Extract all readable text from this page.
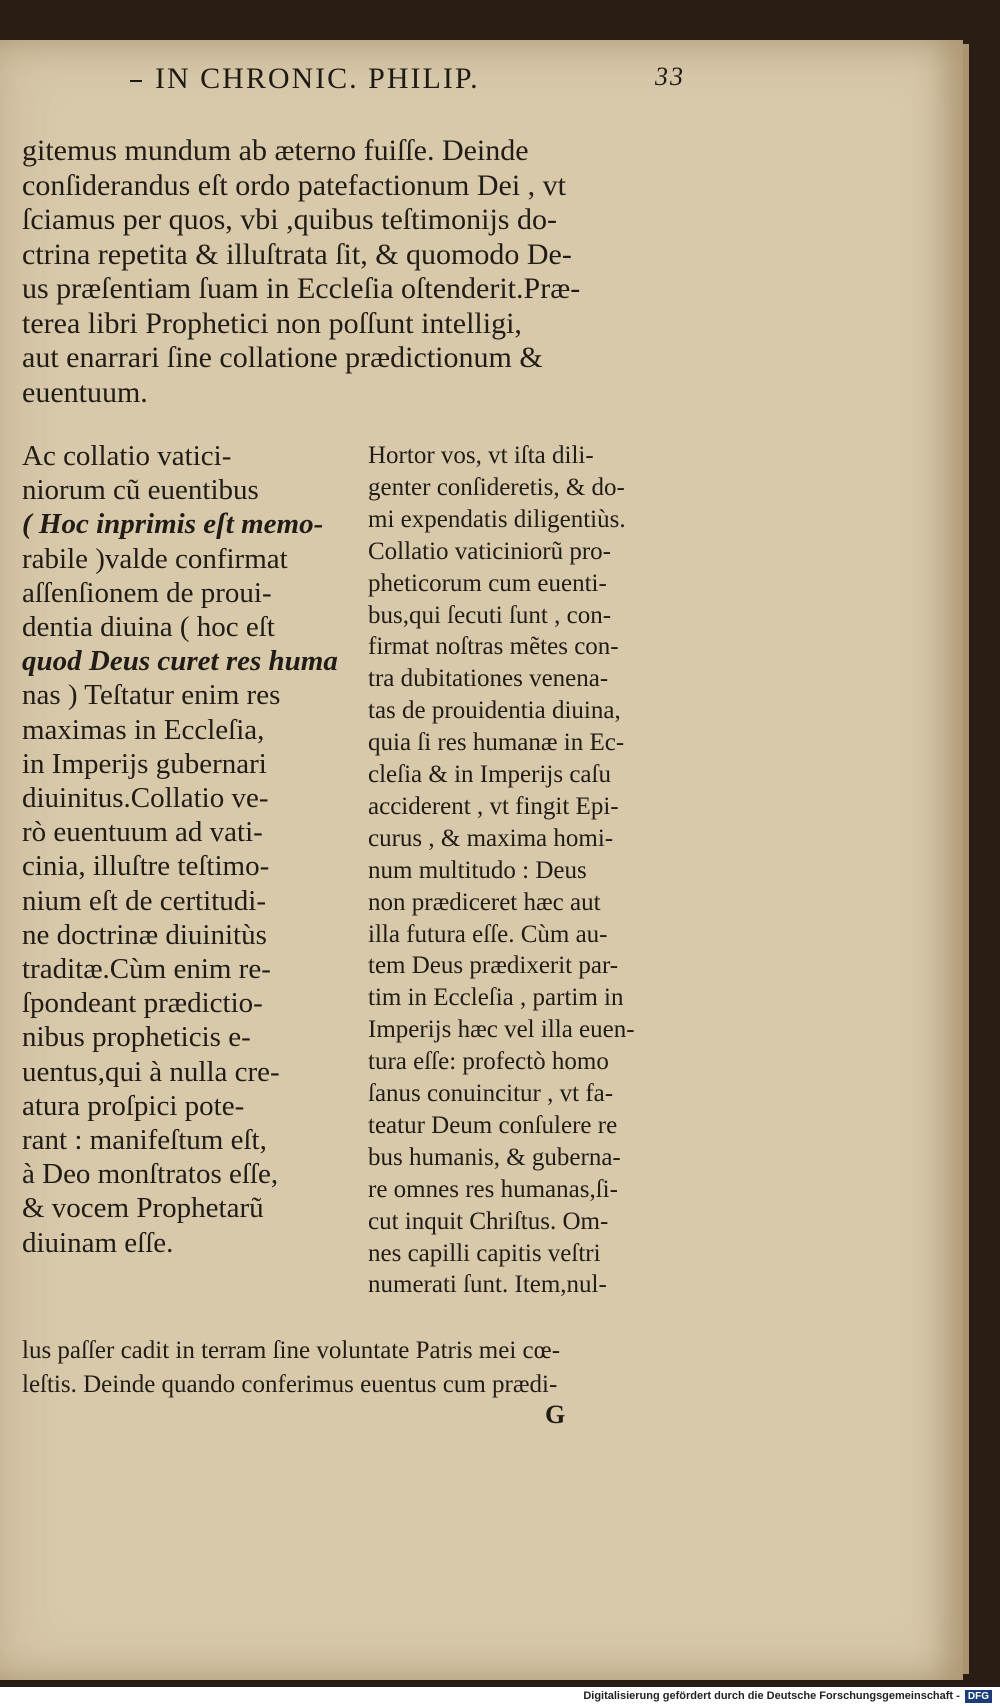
IN CHRONIC. PHILIP.	33
gitemus mundum ab æterno fuiſſe. Deinde
conſiderandus eſt ordo patefactionum Dei , vt
ſciamus per quos, vbi ,quibus teſtimonijs do-
ctrina repetita & illuſtrata ſit, & quomodo De-
us præſentiam ſuam in Eccleſia oſtenderit.Præ-
terea libri Prophetici non poſſunt intelligi,
aut enarrari ſine collatione prædictionum &
euentuum.
Ac collatio vatici-
niorum cũ euentibus
( Hoc inprimis eſt memo-
rabile )valde confirmat
aſſenſionem de proui-
dentia diuina ( hoc eſt
quod Deus curet res huma
nas ) Teſtatur enim res
maximas in Eccleſia,
in Imperijs gubernari
diuinitus.Collatio ve-
rò euentuum ad vati-
cinia, illuſtre teſtimo-
nium eſt de certitudi-
ne doctrinæ diuinitùs
traditæ.Cùm enim re-
ſpondeant prædictio-
nibus propheticis e-
uentus,qui à nulla cre-
atura proſpici pote-
rant : manifeſtum eſt,
à Deo monſtratos eſſe,
& vocem Prophetarũ
diuinam eſſe.
Hortor vos, vt iſta dili-
genter conſideretis, & do-
mi expendatis diligentiùs.
Collatio vaticiniorũ pro-
pheticorum cum euenti-
bus,qui ſecuti ſunt , con-
firmat noſtras mẽtes con-
tra dubitationes venena-
tas de prouidentia diuina,
quia ſi res humanæ in Ec-
cleſia & in Imperijs caſu
acciderent , vt fingit Epi-
curus , & maxima homi-
num multitudo : Deus
non prædiceret hæc aut
illa futura eſſe. Cùm au-
tem Deus prædixerit par-
tim in Eccleſia , partim in
Imperijs hæc vel illa euen-
tura eſſe: profectò homo
ſanus conuincitur , vt fa-
teatur Deum conſulere re
bus humanis, & guberna-
re omnes res humanas,ſi-
cut inquit Chriſtus. Om-
nes capilli capitis veſtri
numerati ſunt. Item,nul-
lus paſſer cadit in terram ſine voluntate Patris mei cœ-
leſtis. Deinde quando conferimus euentus cum prædi-
G
Digitalisierung gefördert durch die Deutsche Forschungsgemeinschaft - DFG
